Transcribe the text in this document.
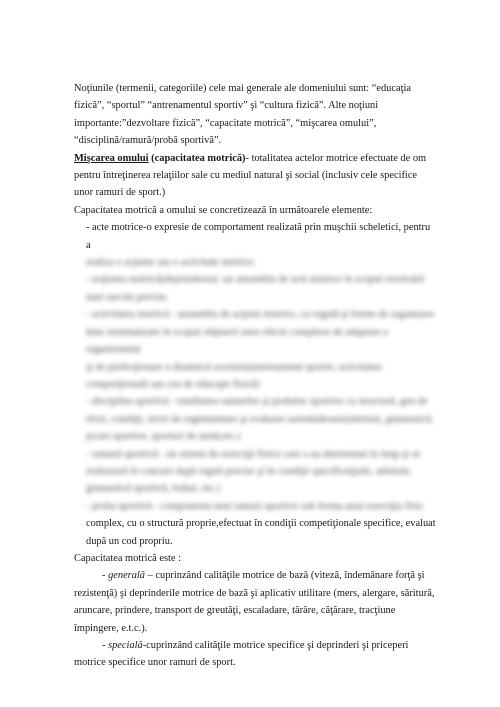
Noţiunile (termenii, categoriile) cele mai generale ale domeniului sunt: “educaţia fizică”, “sportul” “antrenamentul sportiv” şi “cultura fizică”. Alte noţiuni importante:”dezvoltare fizică”, “capacitate motrică”, “mişcarea omului”, “disciplină/ramură/probă sportivă”.

Mişcarea omului (capacitatea motrică)- totalitatea actelor motrice efectuate de om pentru întreţinerea relaţiilor sale cu mediul natural şi social (inclusiv cele specifice unor ramuri de sport.)

Capacitatea motrică a omului se concretizează în următoarele elemente:

- acte motrice-o expresie de comportament realizată prin muşchii scheletici, pentru a

realiza o acţiune sau o activitate motrice.

- acţiunea motrică(deprinderea)- un ansamblu de acte motrice în scopul rezolvării

unei sarcini precise.

- activitatea motrică - ansamblu de acţiuni motrice, cu regulă şi forme de organizare

bine sistematizate în scopul obţinerii unor efecte complexe de adaptare a organismului

şi de perfecţionare a dinamicii acestuia(antrenament sportiv, activitatea

competiţională sau cea de educaţie fizică)

- disciplina sportivă - totalitatea ramurilor şi probelor sportive cu structură, gen de

efort, condiţii, nivel de reglementare şi evaluare asemănătoare(atletism, gimnastică,

jocuri sportive, sporturi de iarnă,etc.)

- ramură sportivă - un sistem de exerciţii fizice care s-au determinat în timp şi se

realizează în concurs după reguli precise şi în condiţii specifice(judo, atletism,

gimnastică sportivă, fotbal, etc.)

- proba sportivă - componenta unei ramuri sportive sub forma unui exerciţiu fizic

complex, cu o structură proprie,efectuat în condiţii competiţionale specifice, evaluat

după un cod propriu.

Capacitatea motrică este :

- generală – cuprinzând calităţile motrice de bază (viteză, îndemânare forţă şi rezistenţă) şi deprinderile motrice de bază şi aplicativ utilitare (mers, alergare, săritură, aruncare, prindere, transport de greutăţi, escaladare, târâre, căţărare, tracţiune împingere, e.t.c.).

- specială-cuprinzând calităţile motrice specifice şi deprinderi şi priceperi motrice specifice unor ramuri de sport.
